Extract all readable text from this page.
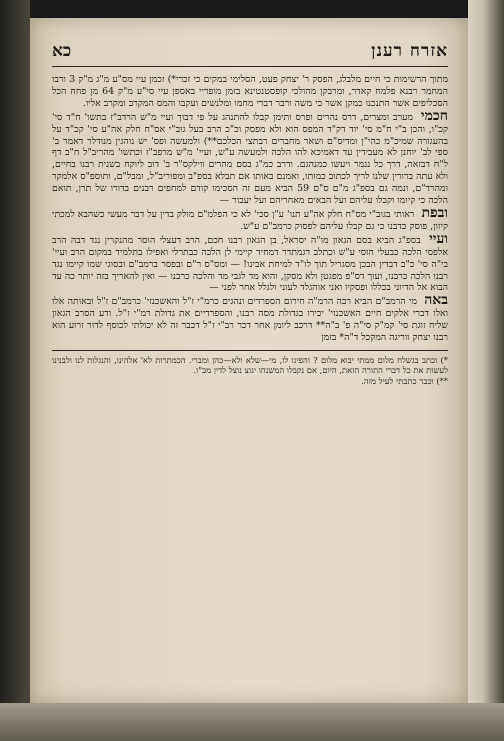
אזרח רענן
כא

מתוך הרשימות כי חיים מלבלג, הפסק ר' יצחק פעט, הסלימי במקים כי זכרי*) זכמן עיי מס"ע מ"ג מ"ק 3 ורבו המחמר רבנא פלמח קאדר, ומרבקן מהולכי קופסטנטינא בזמן מופריי באספן עיי סי"ע מ"ק 64 מן פחח הכל הסכליפים אשר התנכנו כמקן אשר כי משה ורבר דברי מחמו ומלנשים ועקבו והמס המקרב ומקרב אליו.

חכמי מערב ומצרים, דרס נהרים ופרס ותימן קבלו להתנהג על פי דבוך ועיי מ"ש הרדב"ז בתשו' ח"ד סי' קכ"ו, והכן ב"י ח"מ סי' יוד דק"ד המפס הוא ולא מפסק וכ"כ הרב בעל גוב"י אס"ח חלק אה"ע סי' קכ"ד על בהעגורה שמיכ"מ כהי"ן ומדיס"ם ושאר מחברים רבתצי הכלכם**) ולמעשה ופס' יש נוהגין מנודלר דאמר ב' ספי לב' יוחנן לא מעבידין עד דאמיכא להו הלכה ולמעשה ע"ש, ועיי' מ"ש מרפב"ז וכתשו' מהריב"ל ח"ב דף ל"ח דבזאה, דרך כל נגמר ויעשו כמנהגם. ודרב כמ"ג בסם מהרים ווילקס"ר ב' דוב ליוקח בשנית רבנו בחיים, ולא עתה ברורין שלנו לריך לכתוב כמותו, ואמנם באותו אם תבלא בספ"ב ומפוריב"ל, ומבל"ם, ותוספ"ס אלמקר ומהרד"ם, ונמה גם בספ"ג מ"ם ס"ם 59 הביא מעם זה הסכימו קודם למחפים רבנים בדורו של תרן, תואם הלכה כי קיומו וקבלו עליהם ועל הבאים מאחריהם ועל יעבור —

ובפת ראותי בגוב"י מס"ח חלק אה"ע תנו' ע"ן סכי' לא כי הפלמ"ם מולק בדין על דבר מעשי כשהבא למכתי קיזון, פוסק כדבנו כי גם קבלו עליהם לפסוק כרמב"ם ע"ש.

ועיי בספ"ג הביא בסם הגאון מו"ה יסראל, בן הגאון רבנו חכם, הרב דעצלי הוסר מהנקרין נגד דבה הרב אלפסי הלכה כבעלי הוסי ע"ש וכתלב דגמתדר דמחיד קיימי לן הלכה כבתרלי ואפילו בתלמיד במקום הרב ועיי' בי"ה סי' כ"ב דבדין הבכן מסגריל תוך לו"ד למיחת אבינו! — ומס"ס ר"ם ובפסר ברמב"ם ובסוגי שמו קיימו נגד רבנו הלכה כרבנו, ועוך דס"פ מפגטן ולא מסקן, והוא מד לגבי מד והלכה כרבנו — ואין להאריך בזה יותר כה עד הבוא אל הדיוני בכללו ופסקיו ואני אוהגלד לעוני ולגלל אחר לפני —

באה מי הרמב"ם הביא רבה הרמ"ה חירום הספרדים ונהגים כרמ"י ז"ל והאשכנזי' כרמב"ם ז"ל ובאותה אלו ואלו דברי אלקים חיים האשכנזי' יכירו בגדולת מסה רבנו, והספרדיים את גדולת רמ"י ז"ל. ודע הסרב הגאון שליח זוגת סי' קמ"ק סי"ה פ' ב"ה** דרכב ליומן אחר דכר רב"י ז"ל דכבר זה לא יכולתי לכוסף לדור זרוע הוא רבנו יצחק ווריגה המקכל ד"ה* בזמן

*) וכתב בגשלח מלום ממתי יבוא מלום ? והפיגו לו, מי—שלא ולא—כהן ומברי. הכמתרות לא' אלהינו, והנגלות לנו ולבנינו לעשות את כל דברי התורה הזאת, היום, אם נקבלו המשנהו יגוצ נוצל לדין מכ"ו.
**) וכבר כתבתי לעיל מזה.
